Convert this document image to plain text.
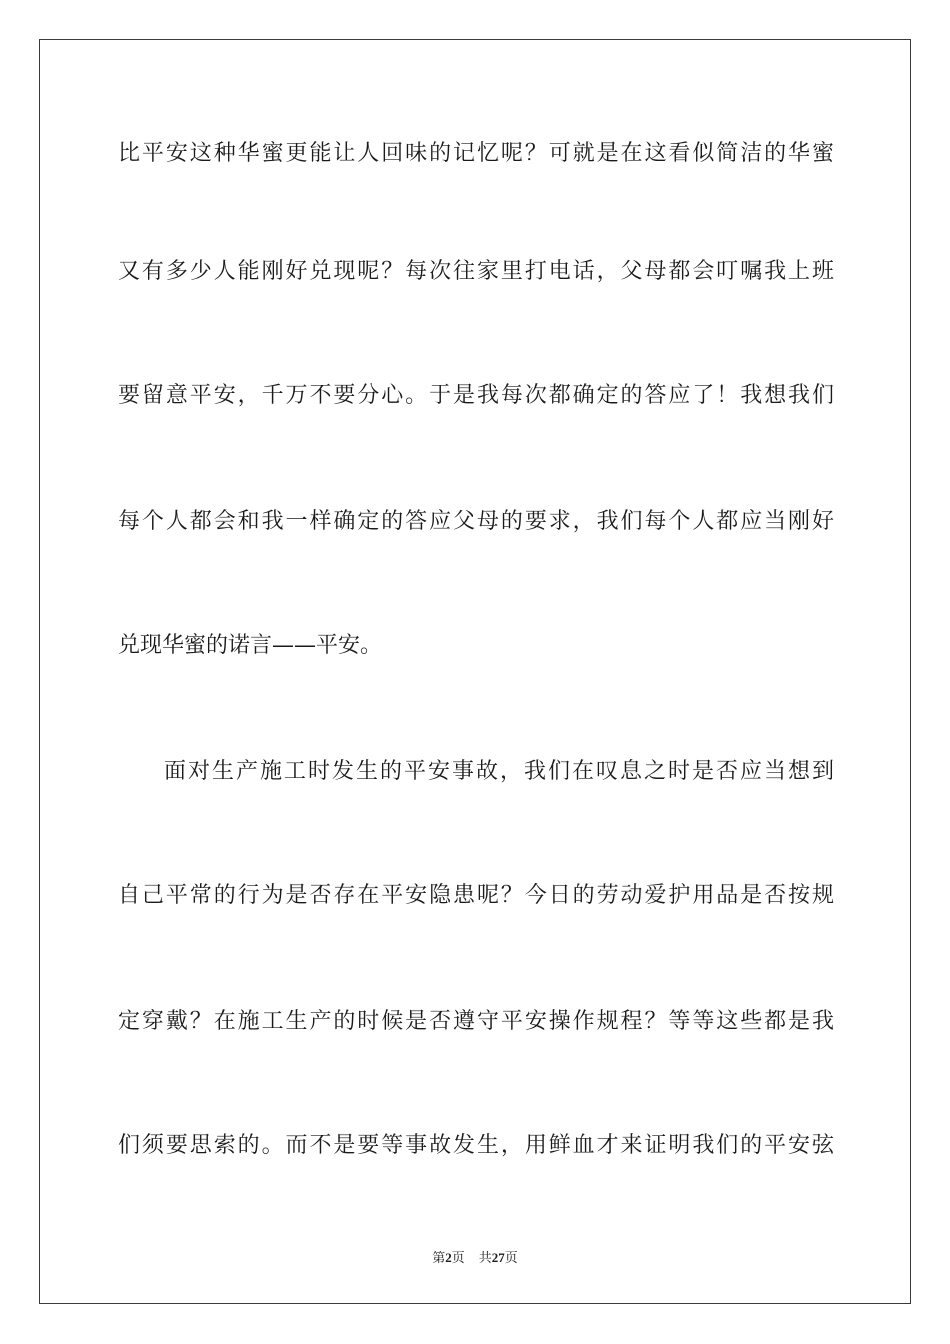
比平安这种华蜜更能让人回味的记忆呢？可就是在这看似简洁的华蜜

又有多少人能刚好兑现呢？每次往家里打电话，父母都会叮嘱我上班

要留意平安，千万不要分心。于是我每次都确定的答应了！我想我们

每个人都会和我一样确定的答应父母的要求，我们每个人都应当刚好

兑现华蜜的诺言——平安。

面对生产施工时发生的平安事故，我们在叹息之时是否应当想到

自己平常的行为是否存在平安隐患呢？今日的劳动爱护用品是否按规

定穿戴？在施工生产的时候是否遵守平安操作规程？等等这些都是我

们须要思索的。而不是要等事故发生，用鲜血才来证明我们的平安弦

第2页 共27页
